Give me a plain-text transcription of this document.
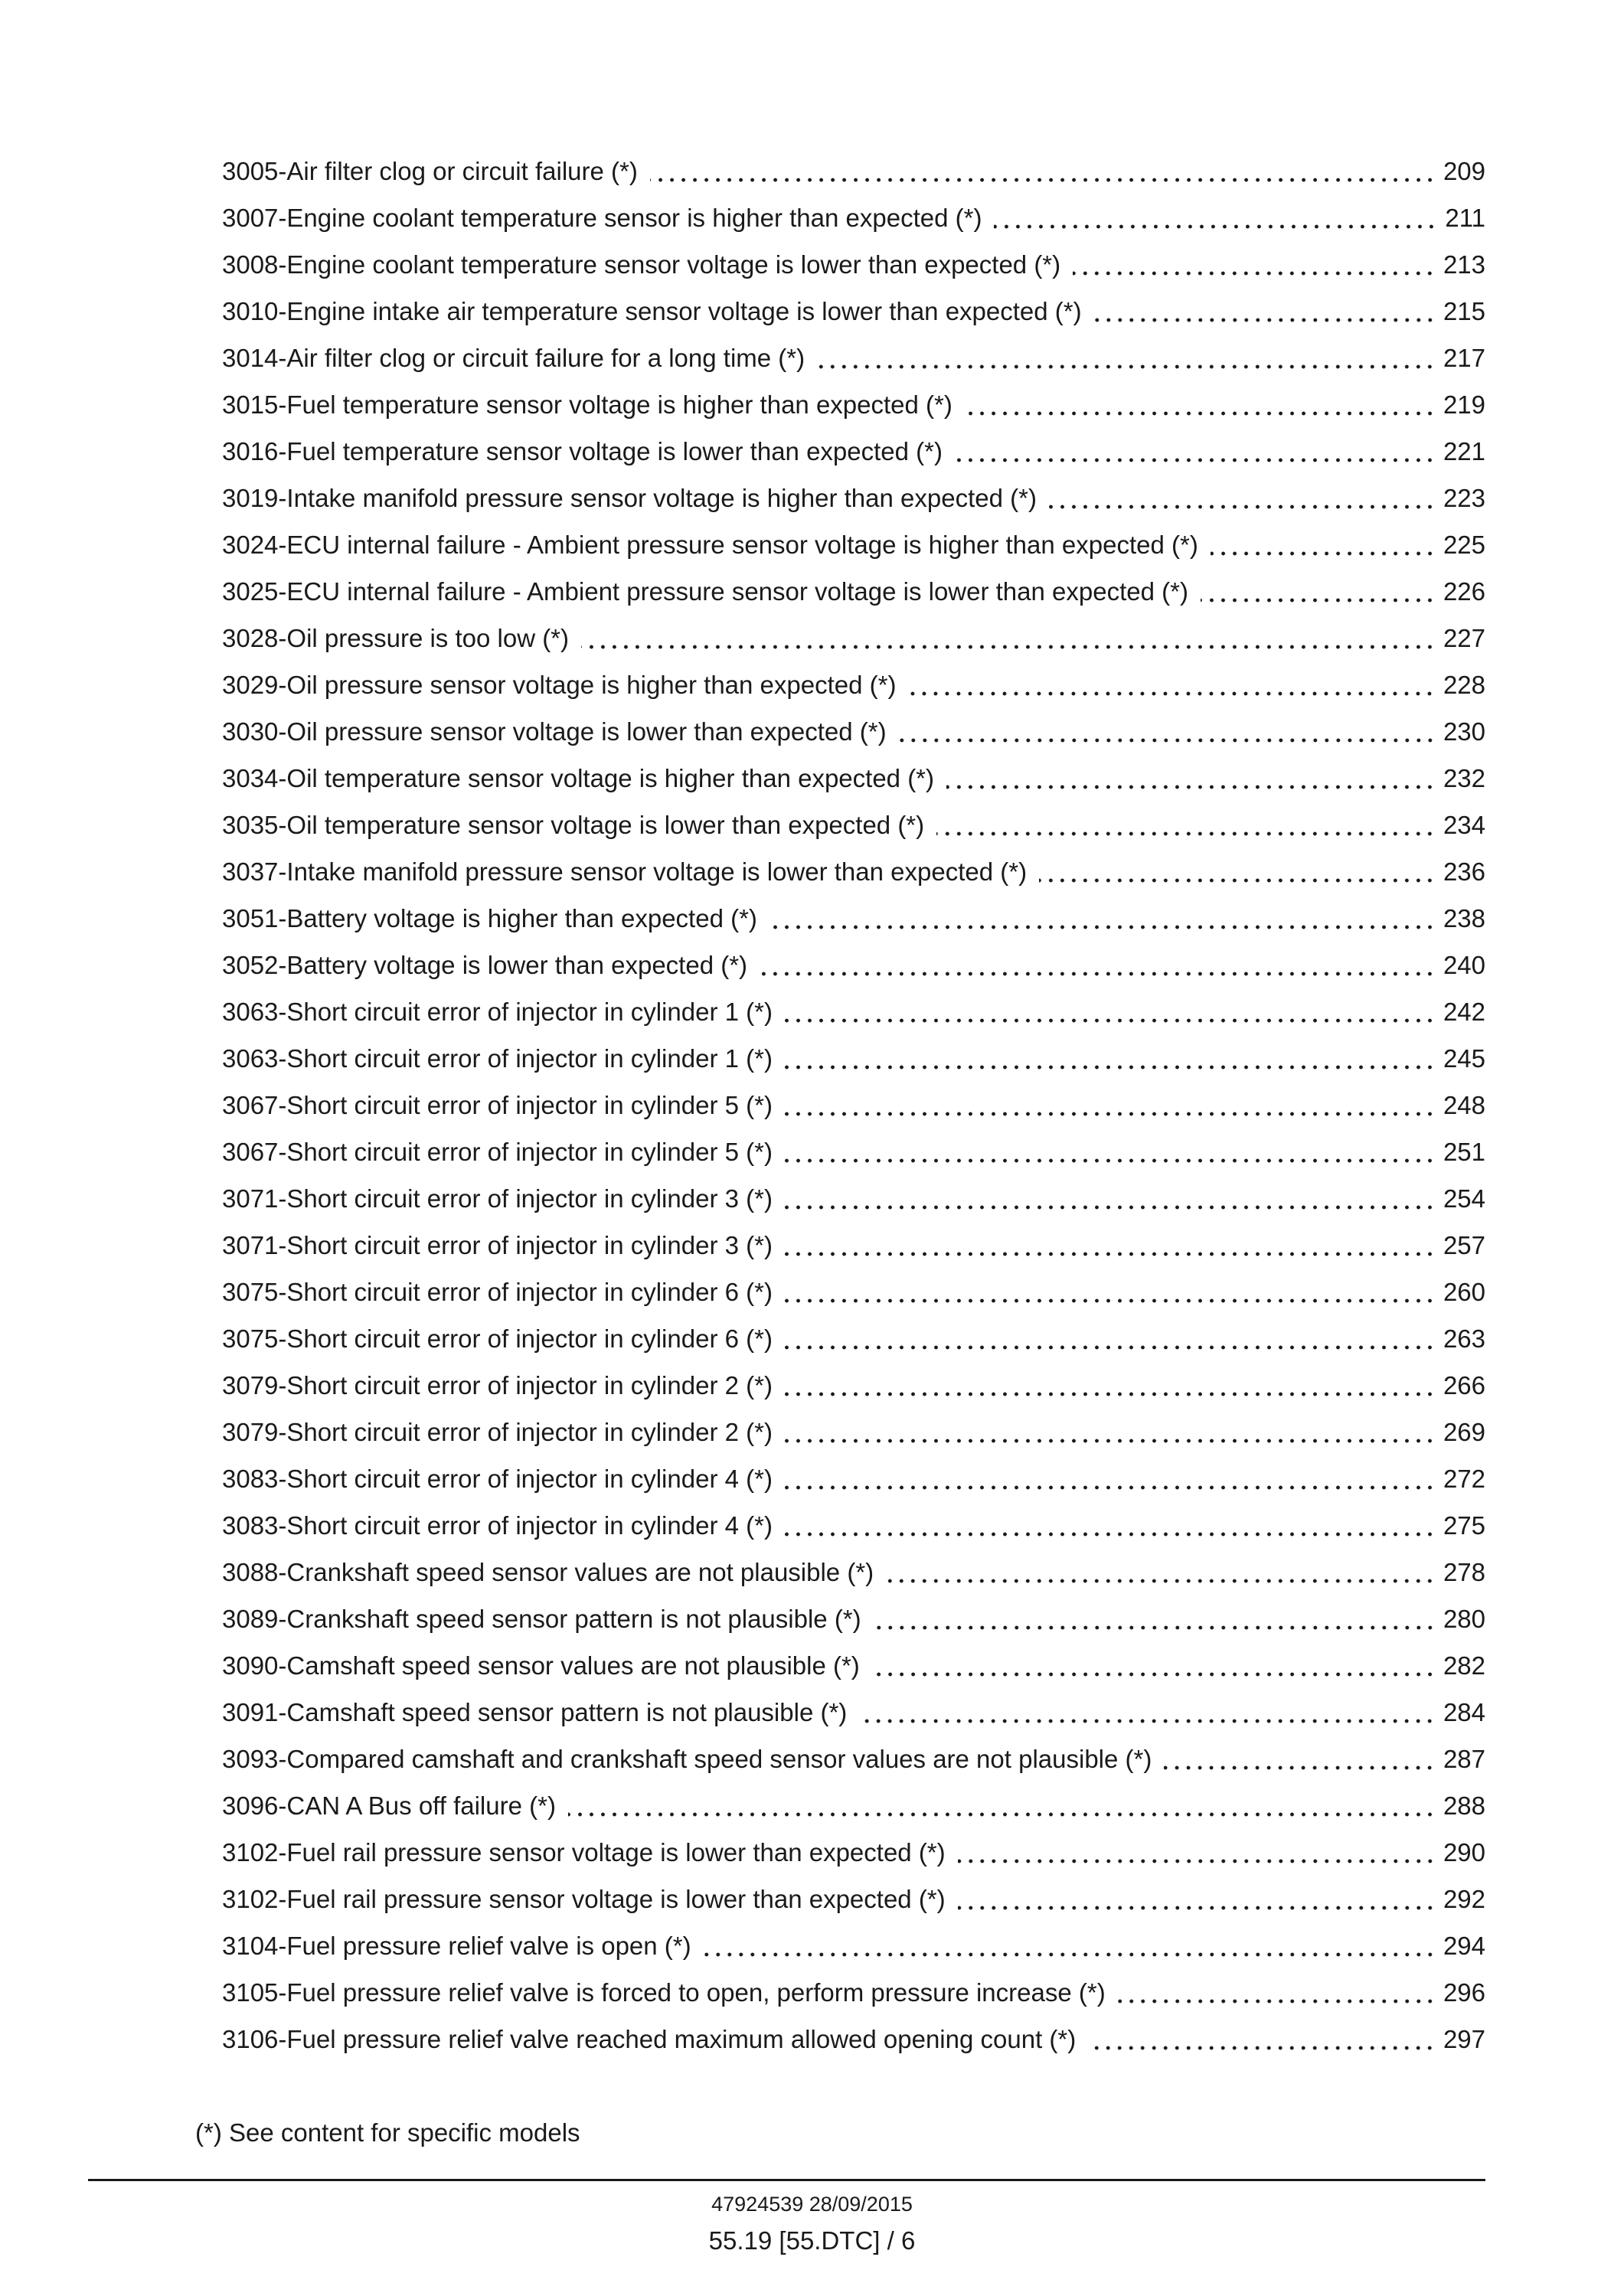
3005-Air filter clog or circuit failure (*)	209
3007-Engine coolant temperature sensor is higher than expected (*)	211
3008-Engine coolant temperature sensor voltage is lower than expected (*)	213
3010-Engine intake air temperature sensor voltage is lower than expected (*)	215
3014-Air filter clog or circuit failure for a long time (*)	217
3015-Fuel temperature sensor voltage is higher than expected (*)	219
3016-Fuel temperature sensor voltage is lower than expected (*)	221
3019-Intake manifold pressure sensor voltage is higher than expected (*)	223
3024-ECU internal failure - Ambient pressure sensor voltage is higher than expected (*)	225
3025-ECU internal failure - Ambient pressure sensor voltage is lower than expected (*)	226
3028-Oil pressure is too low (*)	227
3029-Oil pressure sensor voltage is higher than expected (*)	228
3030-Oil pressure sensor voltage is lower than expected (*)	230
3034-Oil temperature sensor voltage is higher than expected (*)	232
3035-Oil temperature sensor voltage is lower than expected (*)	234
3037-Intake manifold pressure sensor voltage is lower than expected (*)	236
3051-Battery voltage is higher than expected (*)	238
3052-Battery voltage is lower than expected (*)	240
3063-Short circuit error of injector in cylinder 1 (*)	242
3063-Short circuit error of injector in cylinder 1 (*)	245
3067-Short circuit error of injector in cylinder 5 (*)	248
3067-Short circuit error of injector in cylinder 5 (*)	251
3071-Short circuit error of injector in cylinder 3 (*)	254
3071-Short circuit error of injector in cylinder 3 (*)	257
3075-Short circuit error of injector in cylinder 6 (*)	260
3075-Short circuit error of injector in cylinder 6 (*)	263
3079-Short circuit error of injector in cylinder 2 (*)	266
3079-Short circuit error of injector in cylinder 2 (*)	269
3083-Short circuit error of injector in cylinder 4 (*)	272
3083-Short circuit error of injector in cylinder 4 (*)	275
3088-Crankshaft speed sensor values are not plausible (*)	278
3089-Crankshaft speed sensor pattern is not plausible (*)	280
3090-Camshaft speed sensor values are not plausible (*)	282
3091-Camshaft speed sensor pattern is not plausible (*)	284
3093-Compared camshaft and crankshaft speed sensor values are not plausible (*)	287
3096-CAN A Bus off failure (*)	288
3102-Fuel rail pressure sensor voltage is lower than expected (*)	290
3102-Fuel rail pressure sensor voltage is lower than expected (*)	292
3104-Fuel pressure relief valve is open (*)	294
3105-Fuel pressure relief valve is forced to open, perform pressure increase (*)	296
3106-Fuel pressure relief valve reached maximum allowed opening count (*)	297
(*) See content for specific models
47924539 28/09/2015
55.19 [55.DTC] / 6
